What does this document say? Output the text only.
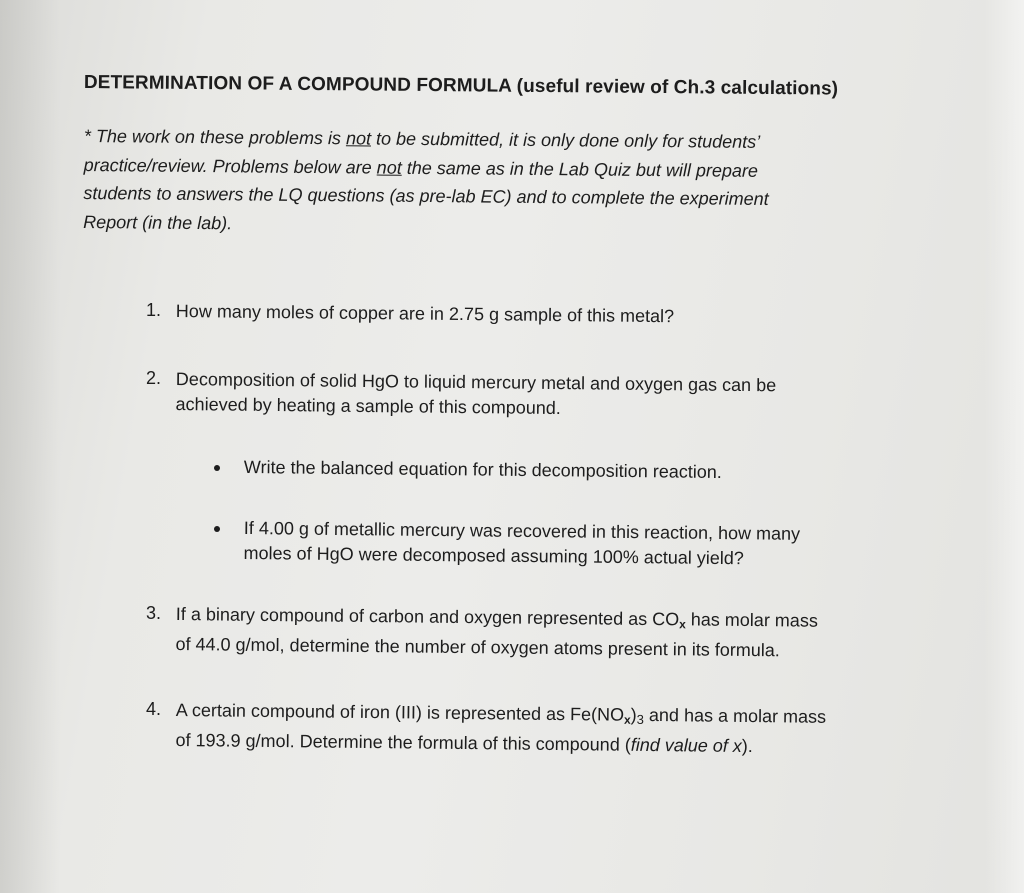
DETERMINATION OF A COMPOUND FORMULA (useful review of Ch.3 calculations)
* The work on these problems is not to be submitted, it is only done only for students’
practice/review. Problems below are not the same as in the Lab Quiz but will prepare
students to answers the LQ questions (as pre-lab EC) and to complete the experiment
Report (in the lab).
1. How many moles of copper are in 2.75 g sample of this metal?
2. Decomposition of solid HgO to liquid mercury metal and oxygen gas can be
achieved by heating a sample of this compound.
Write the balanced equation for this decomposition reaction.
If 4.00 g of metallic mercury was recovered in this reaction, how many
moles of HgO were decomposed assuming 100% actual yield?
3. If a binary compound of carbon and oxygen represented as $CO_x$ has molar mass
of 44.0 g/mol, determine the number of oxygen atoms present in its formula.
4. A certain compound of iron (III) is represented as $Fe(NO_x)_3$ and has a molar mass
of 193.9 g/mol. Determine the formula of this compound (find value of x).
